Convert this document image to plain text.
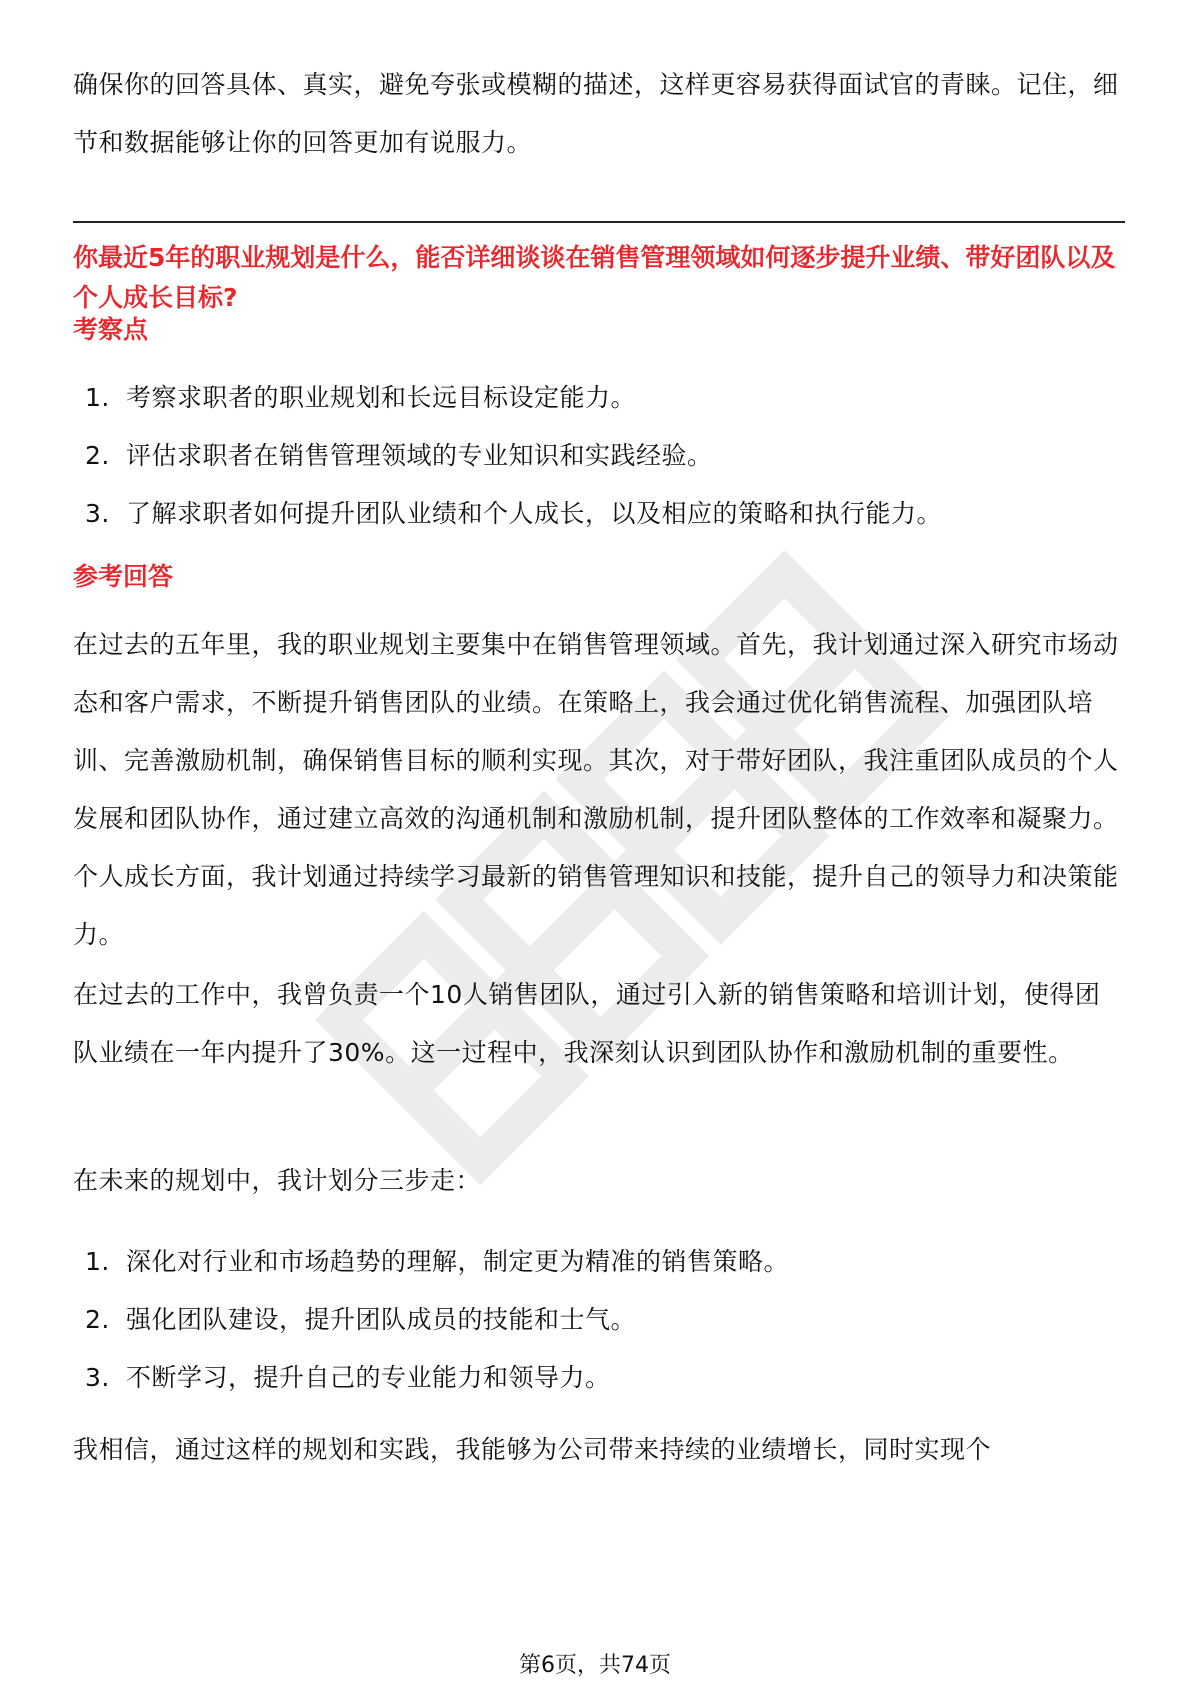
确保你的回答具体、真实，避免夸张或模糊的描述，这样更容易获得面试官的青睐。记住，细节和数据能够让你的回答更加有说服力。

你最近5年的职业规划是什么，能否详细谈谈在销售管理领域如何逐步提升业绩、带好团队以及个人成长目标?

考察点

1. 考察求职者的职业规划和长远目标设定能力。
2. 评估求职者在销售管理领域的专业知识和实践经验。
3. 了解求职者如何提升团队业绩和个人成长，以及相应的策略和执行能力。

参考回答

在过去的五年里，我的职业规划主要集中在销售管理领域。首先，我计划通过深入研究市场动态和客户需求，不断提升销售团队的业绩。在策略上，我会通过优化销售流程、加强团队培训、完善激励机制，确保销售目标的顺利实现。其次，对于带好团队，我注重团队成员的个人发展和团队协作，通过建立高效的沟通机制和激励机制，提升团队整体的工作效率和凝聚力。个人成长方面，我计划通过持续学习最新的销售管理知识和技能，提升自己的领导力和决策能力。

在过去的工作中，我曾负责一个10人销售团队，通过引入新的销售策略和培训计划，使得团队业绩在一年内提升了30%。这一过程中，我深刻认识到团队协作和激励机制的重要性。

在未来的规划中，我计划分三步走：

1. 深化对行业和市场趋势的理解，制定更为精准的销售策略。
2. 强化团队建设，提升团队成员的技能和士气。
3. 不断学习，提升自己的专业能力和领导力。

我相信，通过这样的规划和实践，我能够为公司带来持续的业绩增长，同时实现个

第6页，共74页
